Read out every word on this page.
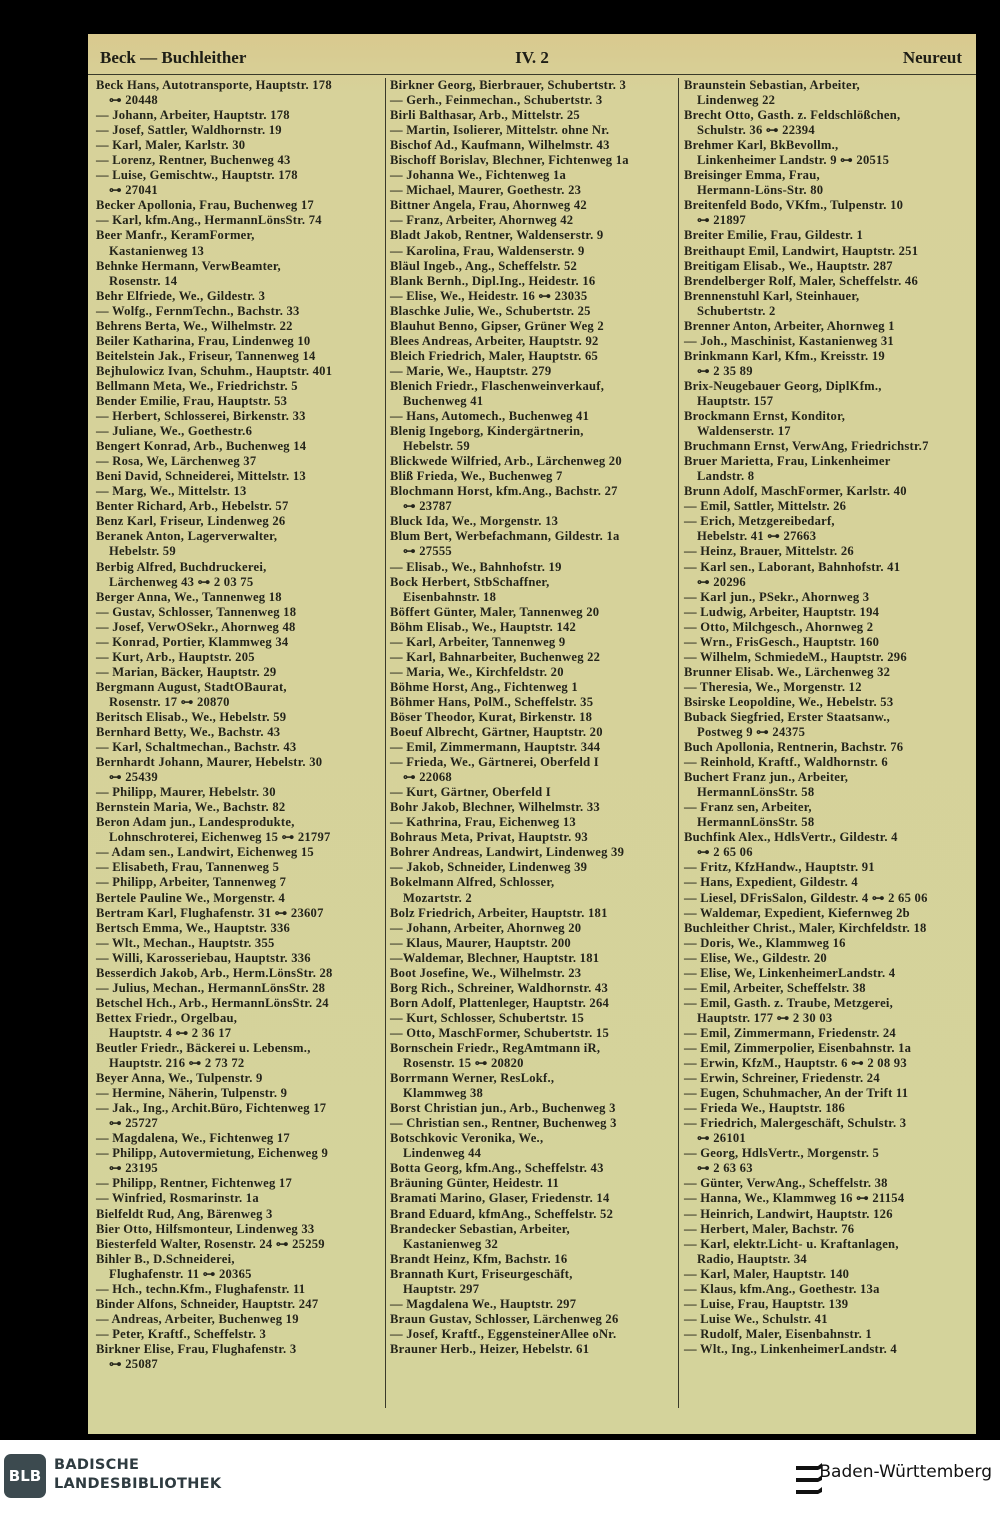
Beck — Buchleither	IV. 2	Neureut
Beck Hans, Autotransporte, Hauptstr. 178
⊶ 20448
— Johann, Arbeiter, Hauptstr. 178
— Josef, Sattler, Waldhornstr. 19
— Karl, Maler, Karlstr. 30
— Lorenz, Rentner, Buchenweg 43
— Luise, Gemischtw., Hauptstr. 178
⊶ 27041
Becker Apollonia, Frau, Buchenweg 17
— Karl, kfm.Ang., HermannLönsStr. 74
Beer Manfr., KeramFormer,
Kastanienweg 13
Behnke Hermann, VerwBeamter,
Rosenstr. 14
Behr Elfriede, We., Gildestr. 3
— Wolfg., FernmTechn., Bachstr. 33
Behrens Berta, We., Wilhelmstr. 22
Beiler Katharina, Frau, Lindenweg 10
Beitelstein Jak., Friseur, Tannenweg 14
Bejhulowicz Ivan, Schuhm., Hauptstr. 401
Bellmann Meta, We., Friedrichstr. 5
Bender Emilie, Frau, Hauptstr. 53
— Herbert, Schlosserei, Birkenstr. 33
— Juliane, We., Goethestr.6
Bengert Konrad, Arb., Buchenweg 14
— Rosa, We, Lärchenweg 37
Beni David, Schneiderei, Mittelstr. 13
— Marg, We., Mittelstr. 13
Benter Richard, Arb., Hebelstr. 57
Benz Karl, Friseur, Lindenweg 26
Beranek Anton, Lagerverwalter,
Hebelstr. 59
Berbig Alfred, Buchdruckerei,
Lärchenweg 43 ⊶ 2 03 75
Berger Anna, We., Tannenweg 18
— Gustav, Schlosser, Tannenweg 18
— Josef, VerwOSekr., Ahornweg 48
— Konrad, Portier, Klammweg 34
— Kurt, Arb., Hauptstr. 205
— Marian, Bäcker, Hauptstr. 29
Bergmann August, StadtOBaurat,
Rosenstr. 17 ⊶ 20870
Beritsch Elisab., We., Hebelstr. 59
Bernhard Betty, We., Bachstr. 43
— Karl, Schaltmechan., Bachstr. 43
Bernhardt Johann, Maurer, Hebelstr. 30
⊶ 25439
— Philipp, Maurer, Hebelstr. 30
Bernstein Maria, We., Bachstr. 82
Beron Adam jun., Landesprodukte,
Lohnschroterei, Eichenweg 15 ⊶ 21797
— Adam sen., Landwirt, Eichenweg 15
— Elisabeth, Frau, Tannenweg 5
— Philipp, Arbeiter, Tannenweg 7
Bertele Pauline We., Morgenstr. 4
Bertram Karl, Flughafenstr. 31 ⊶ 23607
Bertsch Emma, We., Hauptstr. 336
— Wlt., Mechan., Hauptstr. 355
— Willi, Karosseriebau, Hauptstr. 336
Besserdich Jakob, Arb., Herm.LönsStr. 28
— Julius, Mechan., HermannLönsStr. 28
Betschel Hch., Arb., HermannLönsStr. 24
Bettex Friedr., Orgelbau,
Hauptstr. 4 ⊶ 2 36 17
Beutler Friedr., Bäckerei u. Lebensm.,
Hauptstr. 216 ⊶ 2 73 72
Beyer Anna, We., Tulpenstr. 9
— Hermine, Näherin, Tulpenstr. 9
— Jak., Ing., Archit.Büro, Fichtenweg 17
⊶ 25727
— Magdalena, We., Fichtenweg 17
— Philipp, Autovermietung, Eichenweg 9
⊶ 23195
— Philipp, Rentner, Fichtenweg 17
— Winfried, Rosmarinstr. 1a
Bielfeldt Rud, Ang, Bärenweg 3
Bier Otto, Hilfsmonteur, Lindenweg 33
Biesterfeld Walter, Rosenstr. 24 ⊶ 25259
Bihler B., D.Schneiderei,
Flughafenstr. 11 ⊶ 20365
— Hch., techn.Kfm., Flughafenstr. 11
Binder Alfons, Schneider, Hauptstr. 247
— Andreas, Arbeiter, Buchenweg 19
— Peter, Kraftf., Scheffelstr. 3
Birkner Elise, Frau, Flughafenstr. 3
⊶ 25087
Birkner Georg, Bierbrauer, Schubertstr. 3
— Gerh., Feinmechan., Schubertstr. 3
Birli Balthasar, Arb., Mittelstr. 25
— Martin, Isolierer, Mittelstr. ohne Nr.
Bischof Ad., Kaufmann, Wilhelmstr. 43
Bischoff Borislav, Blechner, Fichtenweg 1a
— Johanna We., Fichtenweg 1a
— Michael, Maurer, Goethestr. 23
Bittner Angela, Frau, Ahornweg 42
— Franz, Arbeiter, Ahornweg 42
Bladt Jakob, Rentner, Waldenserstr. 9
— Karolina, Frau, Waldenserstr. 9
Bläul Ingeb., Ang., Scheffelstr. 52
Blank Bernh., Dipl.Ing., Heidestr. 16
— Elise, We., Heidestr. 16 ⊶ 23035
Blaschke Julie, We., Schubertstr. 25
Blauhut Benno, Gipser, Grüner Weg 2
Blees Andreas, Arbeiter, Hauptstr. 92
Bleich Friedrich, Maler, Hauptstr. 65
— Marie, We., Hauptstr. 279
Blenich Friedr., Flaschenweinverkauf,
Buchenweg 41
— Hans, Automech., Buchenweg 41
Blenig Ingeborg, Kindergärtnerin,
Hebelstr. 59
Blickwede Wilfried, Arb., Lärchenweg 20
Bliß Frieda, We., Buchenweg 7
Blochmann Horst, kfm.Ang., Bachstr. 27
⊶ 23787
Bluck Ida, We., Morgenstr. 13
Blum Bert, Werbefachmann, Gildestr. 1a
⊶ 27555
— Elisab., We., Bahnhofstr. 19
Bock Herbert, StbSchaffner,
Eisenbahnstr. 18
Böffert Günter, Maler, Tannenweg 20
Böhm Elisab., We., Hauptstr. 142
— Karl, Arbeiter, Tannenweg 9
— Karl, Bahnarbeiter, Buchenweg 22
— Maria, We., Kirchfeldstr. 20
Böhme Horst, Ang., Fichtenweg 1
Böhmer Hans, PolM., Scheffelstr. 35
Böser Theodor, Kurat, Birkenstr. 18
Boeuf Albrecht, Gärtner, Hauptstr. 20
— Emil, Zimmermann, Hauptstr. 344
— Frieda, We., Gärtnerei, Oberfeld I
⊶ 22068
— Kurt, Gärtner, Oberfeld I
Bohr Jakob, Blechner, Wilhelmstr. 33
— Kathrina, Frau, Eichenweg 13
Bohraus Meta, Privat, Hauptstr. 93
Bohrer Andreas, Landwirt, Lindenweg 39
— Jakob, Schneider, Lindenweg 39
Bokelmann Alfred, Schlosser,
Mozartstr. 2
Bolz Friedrich, Arbeiter, Hauptstr. 181
— Johann, Arbeiter, Ahornweg 20
— Klaus, Maurer, Hauptstr. 200
—Waldemar, Blechner, Hauptstr. 181
Boot Josefine, We., Wilhelmstr. 23
Borg Rich., Schreiner, Waldhornstr. 43
Born Adolf, Plattenleger, Hauptstr. 264
— Kurt, Schlosser, Schubertstr. 15
— Otto, MaschFormer, Schubertstr. 15
Bornschein Friedr., RegAmtmann iR,
Rosenstr. 15 ⊶ 20820
Borrmann Werner, ResLokf.,
Klammweg 38
Borst Christian jun., Arb., Buchenweg 3
— Christian sen., Rentner, Buchenweg 3
Botschkovic Veronika, We.,
Lindenweg 44
Botta Georg, kfm.Ang., Scheffelstr. 43
Bräuning Günter, Heidestr. 11
Bramati Marino, Glaser, Friedenstr. 14
Brand Eduard, kfmAng., Scheffelstr. 52
Brandecker Sebastian, Arbeiter,
Kastanienweg 32
Brandt Heinz, Kfm, Bachstr. 16
Brannath Kurt, Friseurgeschäft,
Hauptstr. 297
— Magdalena We., Hauptstr. 297
Braun Gustav, Schlosser, Lärchenweg 26
— Josef, Kraftf., EggensteinerAllee oNr.
Brauner Herb., Heizer, Hebelstr. 61
Braunstein Sebastian, Arbeiter,
Lindenweg 22
Brecht Otto, Gasth. z. Feldschlößchen,
Schulstr. 36 ⊶ 22394
Brehmer Karl, BkBevollm.,
Linkenheimer Landstr. 9 ⊶ 20515
Breisinger Emma, Frau,
Hermann-Löns-Str. 80
Breitenfeld Bodo, VKfm., Tulpenstr. 10
⊶ 21897
Breiter Emilie, Frau, Gildestr. 1
Breithaupt Emil, Landwirt, Hauptstr. 251
Breitigam Elisab., We., Hauptstr. 287
Brendelberger Rolf, Maler, Scheffelstr. 46
Brennenstuhl Karl, Steinhauer,
Schubertstr. 2
Brenner Anton, Arbeiter, Ahornweg 1
— Joh., Maschinist, Kastanienweg 31
Brinkmann Karl, Kfm., Kreisstr. 19
⊶ 2 35 89
Brix-Neugebauer Georg, DiplKfm.,
Hauptstr. 157
Brockmann Ernst, Konditor,
Waldenserstr. 17
Bruchmann Ernst, VerwAng, Friedrichstr.7
Bruer Marietta, Frau, Linkenheimer
Landstr. 8
Brunn Adolf, MaschFormer, Karlstr. 40
— Emil, Sattler, Mittelstr. 26
— Erich, Metzgereibedarf,
Hebelstr. 41 ⊶ 27663
— Heinz, Brauer, Mittelstr. 26
— Karl sen., Laborant, Bahnhofstr. 41
⊶ 20296
— Karl jun., PSekr., Ahornweg 3
— Ludwig, Arbeiter, Hauptstr. 194
— Otto, Milchgesch., Ahornweg 2
— Wrn., FrisGesch., Hauptstr. 160
— Wilhelm, SchmiedeM., Hauptstr. 296
Brunner Elisab. We., Lärchenweg 32
— Theresia, We., Morgenstr. 12
Bsirske Leopoldine, We., Hebelstr. 53
Buback Siegfried, Erster Staatsanw.,
Postweg 9 ⊶ 24375
Buch Apollonia, Rentnerin, Bachstr. 76
— Reinhold, Kraftf., Waldhornstr. 6
Buchert Franz jun., Arbeiter,
HermannLönsStr. 58
— Franz sen, Arbeiter,
HermannLönsStr. 58
Buchfink Alex., HdlsVertr., Gildestr. 4
⊶ 2 65 06
— Fritz, KfzHandw., Hauptstr. 91
— Hans, Expedient, Gildestr. 4
— Liesel, DFrisSalon, Gildestr. 4 ⊶ 2 65 06
— Waldemar, Expedient, Kiefernweg 2b
Buchleither Christ., Maler, Kirchfeldstr. 18
— Doris, We., Klammweg 16
— Elise, We., Gildestr. 20
— Elise, We, LinkenheimerLandstr. 4
— Emil, Arbeiter, Scheffelstr. 38
— Emil, Gasth. z. Traube, Metzgerei,
Hauptstr. 177 ⊶ 2 30 03
— Emil, Zimmermann, Friedenstr. 24
— Emil, Zimmerpolier, Eisenbahnstr. 1a
— Erwin, KfzM., Hauptstr. 6 ⊶ 2 08 93
— Erwin, Schreiner, Friedenstr. 24
— Eugen, Schuhmacher, An der Trift 11
— Frieda We., Hauptstr. 186
— Friedrich, Malergeschäft, Schulstr. 3
⊶ 26101
— Georg, HdlsVertr., Morgenstr. 5
⊶ 2 63 63
— Günter, VerwAng., Scheffelstr. 38
— Hanna, We., Klammweg 16 ⊶ 21154
— Heinrich, Landwirt, Hauptstr. 126
— Herbert, Maler, Bachstr. 76
— Karl, elektr.Licht- u. Kraftanlagen,
Radio, Hauptstr. 34
— Karl, Maler, Hauptstr. 140
— Klaus, kfm.Ang., Goethestr. 13a
— Luise, Frau, Hauptstr. 139
— Luise We., Schulstr. 41
— Rudolf, Maler, Eisenbahnstr. 1
— Wlt., Ing., LinkenheimerLandstr. 4
BLB
BADISCHE
LANDESBIBLIOTHEK
Baden-Württemberg
